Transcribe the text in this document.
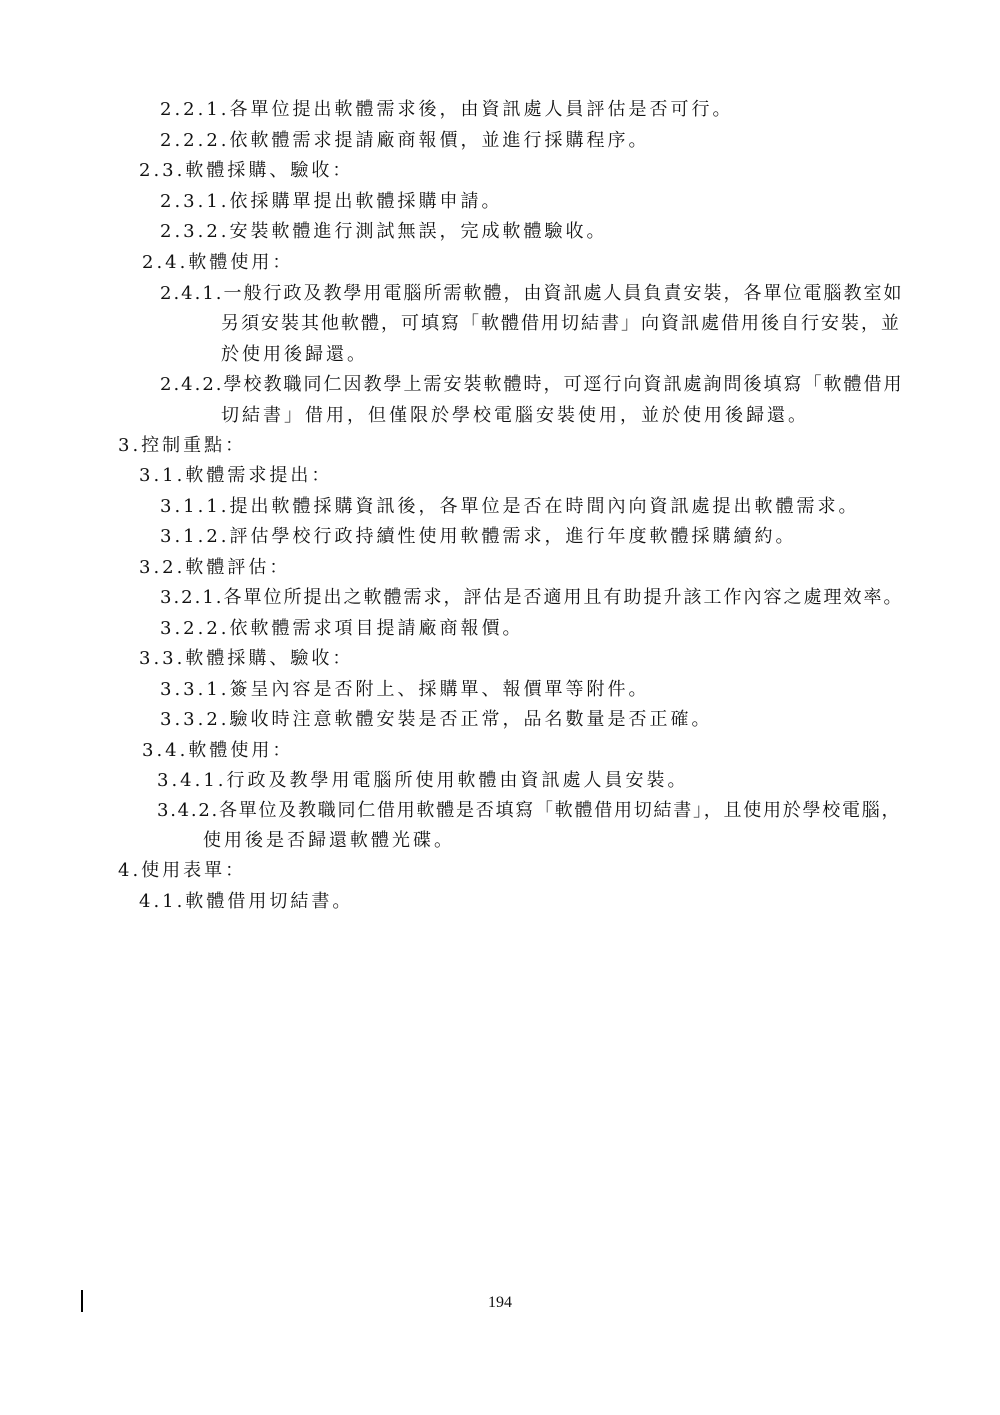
2.2.1.各單位提出軟體需求後，由資訊處人員評估是否可行。
2.2.2.依軟體需求提請廠商報價，並進行採購程序。
2.3.軟體採購、驗收：
2.3.1.依採購單提出軟體採購申請。
2.3.2.安裝軟體進行測試無誤，完成軟體驗收。
2.4.軟體使用：
2.4.1.一般行政及教學用電腦所需軟體，由資訊處人員負責安裝，各單位電腦教室如
另須安裝其他軟體，可填寫「軟體借用切結書」向資訊處借用後自行安裝，並
於使用後歸還。
2.4.2.學校教職同仁因教學上需安裝軟體時，可逕行向資訊處詢問後填寫「軟體借用
切結書」借用，但僅限於學校電腦安裝使用，並於使用後歸還。
3.控制重點：
3.1.軟體需求提出：
3.1.1.提出軟體採購資訊後，各單位是否在時間內向資訊處提出軟體需求。
3.1.2.評估學校行政持續性使用軟體需求，進行年度軟體採購續約。
3.2.軟體評估：
3.2.1.各單位所提出之軟體需求，評估是否適用且有助提升該工作內容之處理效率。
3.2.2.依軟體需求項目提請廠商報價。
3.3.軟體採購、驗收：
3.3.1.簽呈內容是否附上、採購單、報價單等附件。
3.3.2.驗收時注意軟體安裝是否正常，品名數量是否正確。
3.4.軟體使用：
3.4.1.行政及教學用電腦所使用軟體由資訊處人員安裝。
3.4.2.各單位及教職同仁借用軟體是否填寫「軟體借用切結書」，且使用於學校電腦，
使用後是否歸還軟體光碟。
4.使用表單：
4.1.軟體借用切結書。
194
